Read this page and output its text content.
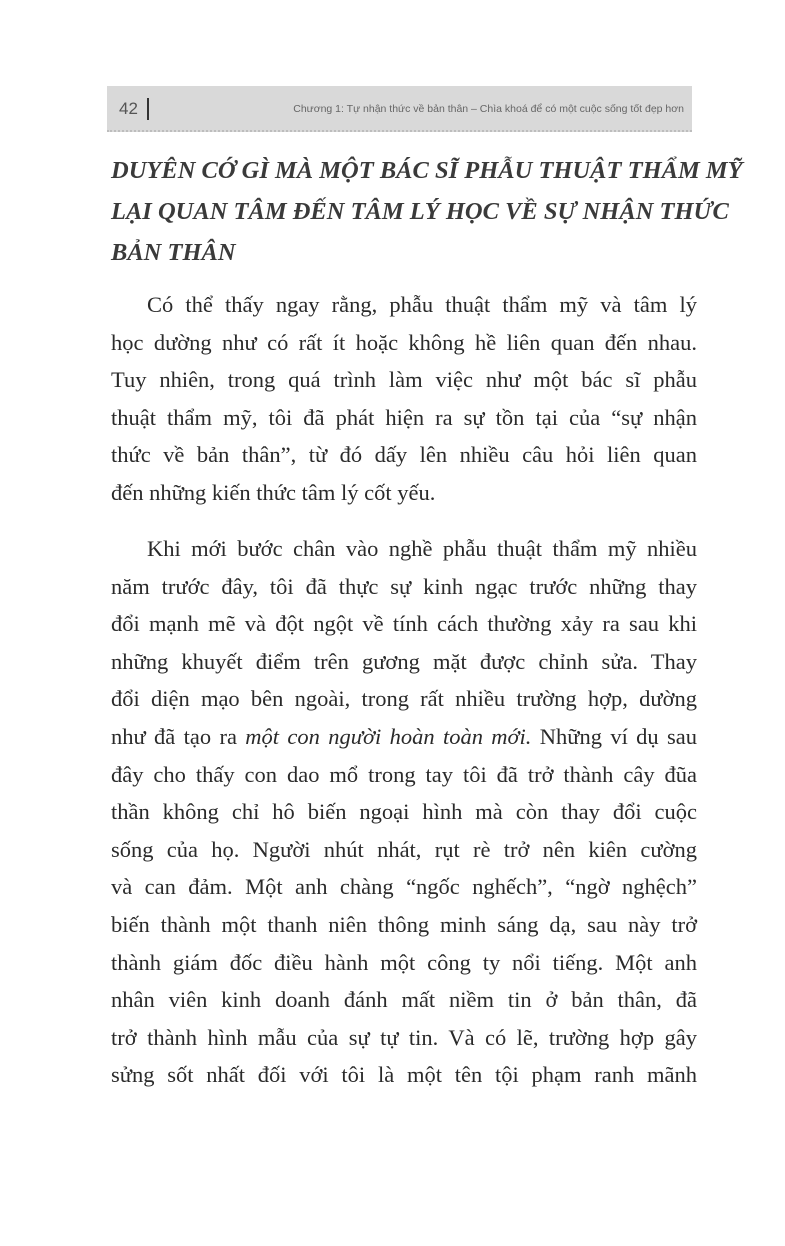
42	Chương 1: Tự nhận thức về bản thân – Chìa khoá để có một cuộc sống tốt đẹp hơn
DUYÊN CỚ GÌ MÀ MỘT BÁC SĨ PHẪU THUẬT THẨM MỸ
LẠI QUAN TÂM ĐẾN TÂM LÝ HỌC VỀ SỰ NHẬN THỨC
BẢN THÂN
Có thể thấy ngay rằng, phẫu thuật thẩm mỹ và tâm lý
học dường như có rất ít hoặc không hề liên quan đến nhau.
Tuy nhiên, trong quá trình làm việc như một bác sĩ phẫu
thuật thẩm mỹ, tôi đã phát hiện ra sự tồn tại của “sự nhận
thức về bản thân”, từ đó dấy lên nhiều câu hỏi liên quan
đến những kiến thức tâm lý cốt yếu.
Khi mới bước chân vào nghề phẫu thuật thẩm mỹ nhiều
năm trước đây, tôi đã thực sự kinh ngạc trước những thay
đổi mạnh mẽ và đột ngột về tính cách thường xảy ra sau khi
những khuyết điểm trên gương mặt được chỉnh sửa. Thay
đổi diện mạo bên ngoài, trong rất nhiều trường hợp, dường
như đã tạo ra một con người hoàn toàn mới. Những ví dụ sau
đây cho thấy con dao mổ trong tay tôi đã trở thành cây đũa
thần không chỉ hô biến ngoại hình mà còn thay đổi cuộc
sống của họ. Người nhút nhát, rụt rè trở nên kiên cường
và can đảm. Một anh chàng “ngốc nghếch”, “ngờ nghệch”
biến thành một thanh niên thông minh sáng dạ, sau này trở
thành giám đốc điều hành một công ty nổi tiếng. Một anh
nhân viên kinh doanh đánh mất niềm tin ở bản thân, đã
trở thành hình mẫu của sự tự tin. Và có lẽ, trường hợp gây
sửng sốt nhất đối với tôi là một tên tội phạm ranh mãnh
